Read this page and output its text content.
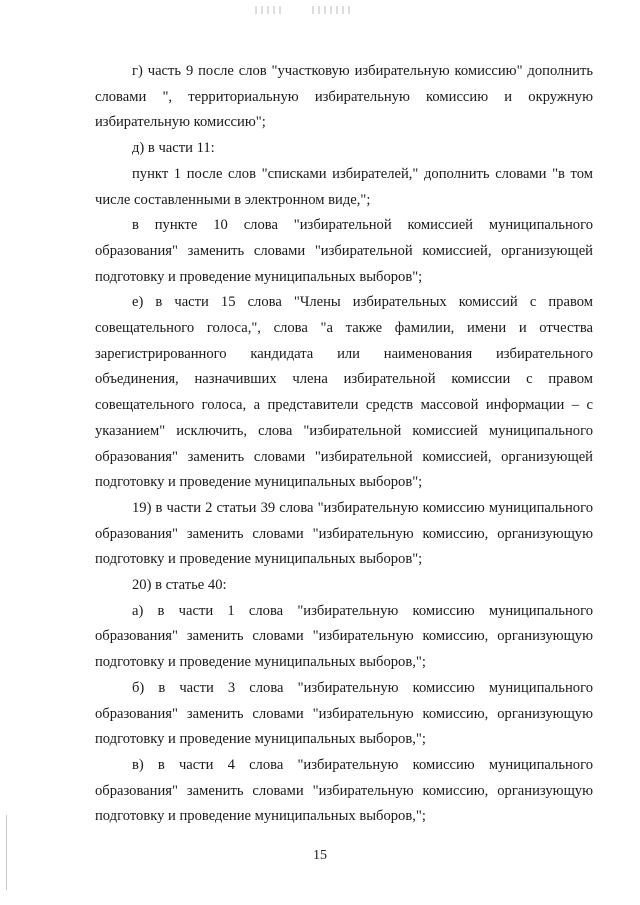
г) часть 9 после слов "участковую избирательную комиссию" дополнить словами ", территориальную избирательную комиссию и окружную избирательную комиссию";

д) в части 11:

пункт 1 после слов "списками избирателей," дополнить словами "в том числе составленными в электронном виде,";

в пункте 10 слова "избирательной комиссией муниципального образования" заменить словами "избирательной комиссией, организующей подготовку и проведение муниципальных выборов";

е) в части 15 слова "Члены избирательных комиссий с правом совещательного голоса,", слова "а также фамилии, имени и отчества зарегистрированного кандидата или наименования избирательного объединения, назначивших члена избирательной комиссии с правом совещательного голоса, а представители средств массовой информации – с указанием" исключить, слова "избирательной комиссией муниципального образования" заменить словами "избирательной комиссией, организующей подготовку и проведение муниципальных выборов";

19) в части 2 статьи 39 слова "избирательную комиссию муниципального образования" заменить словами "избирательную комиссию, организующую подготовку и проведение муниципальных выборов";

20) в статье 40:

а) в части 1 слова "избирательную комиссию муниципального образования" заменить словами "избирательную комиссию, организующую подготовку и проведение муниципальных выборов,";

б) в части 3 слова "избирательную комиссию муниципального образования" заменить словами "избирательную комиссию, организующую подготовку и проведение муниципальных выборов,";

в) в части 4 слова "избирательную комиссию муниципального образования" заменить словами "избирательную комиссию, организующую подготовку и проведение муниципальных выборов,";

15
